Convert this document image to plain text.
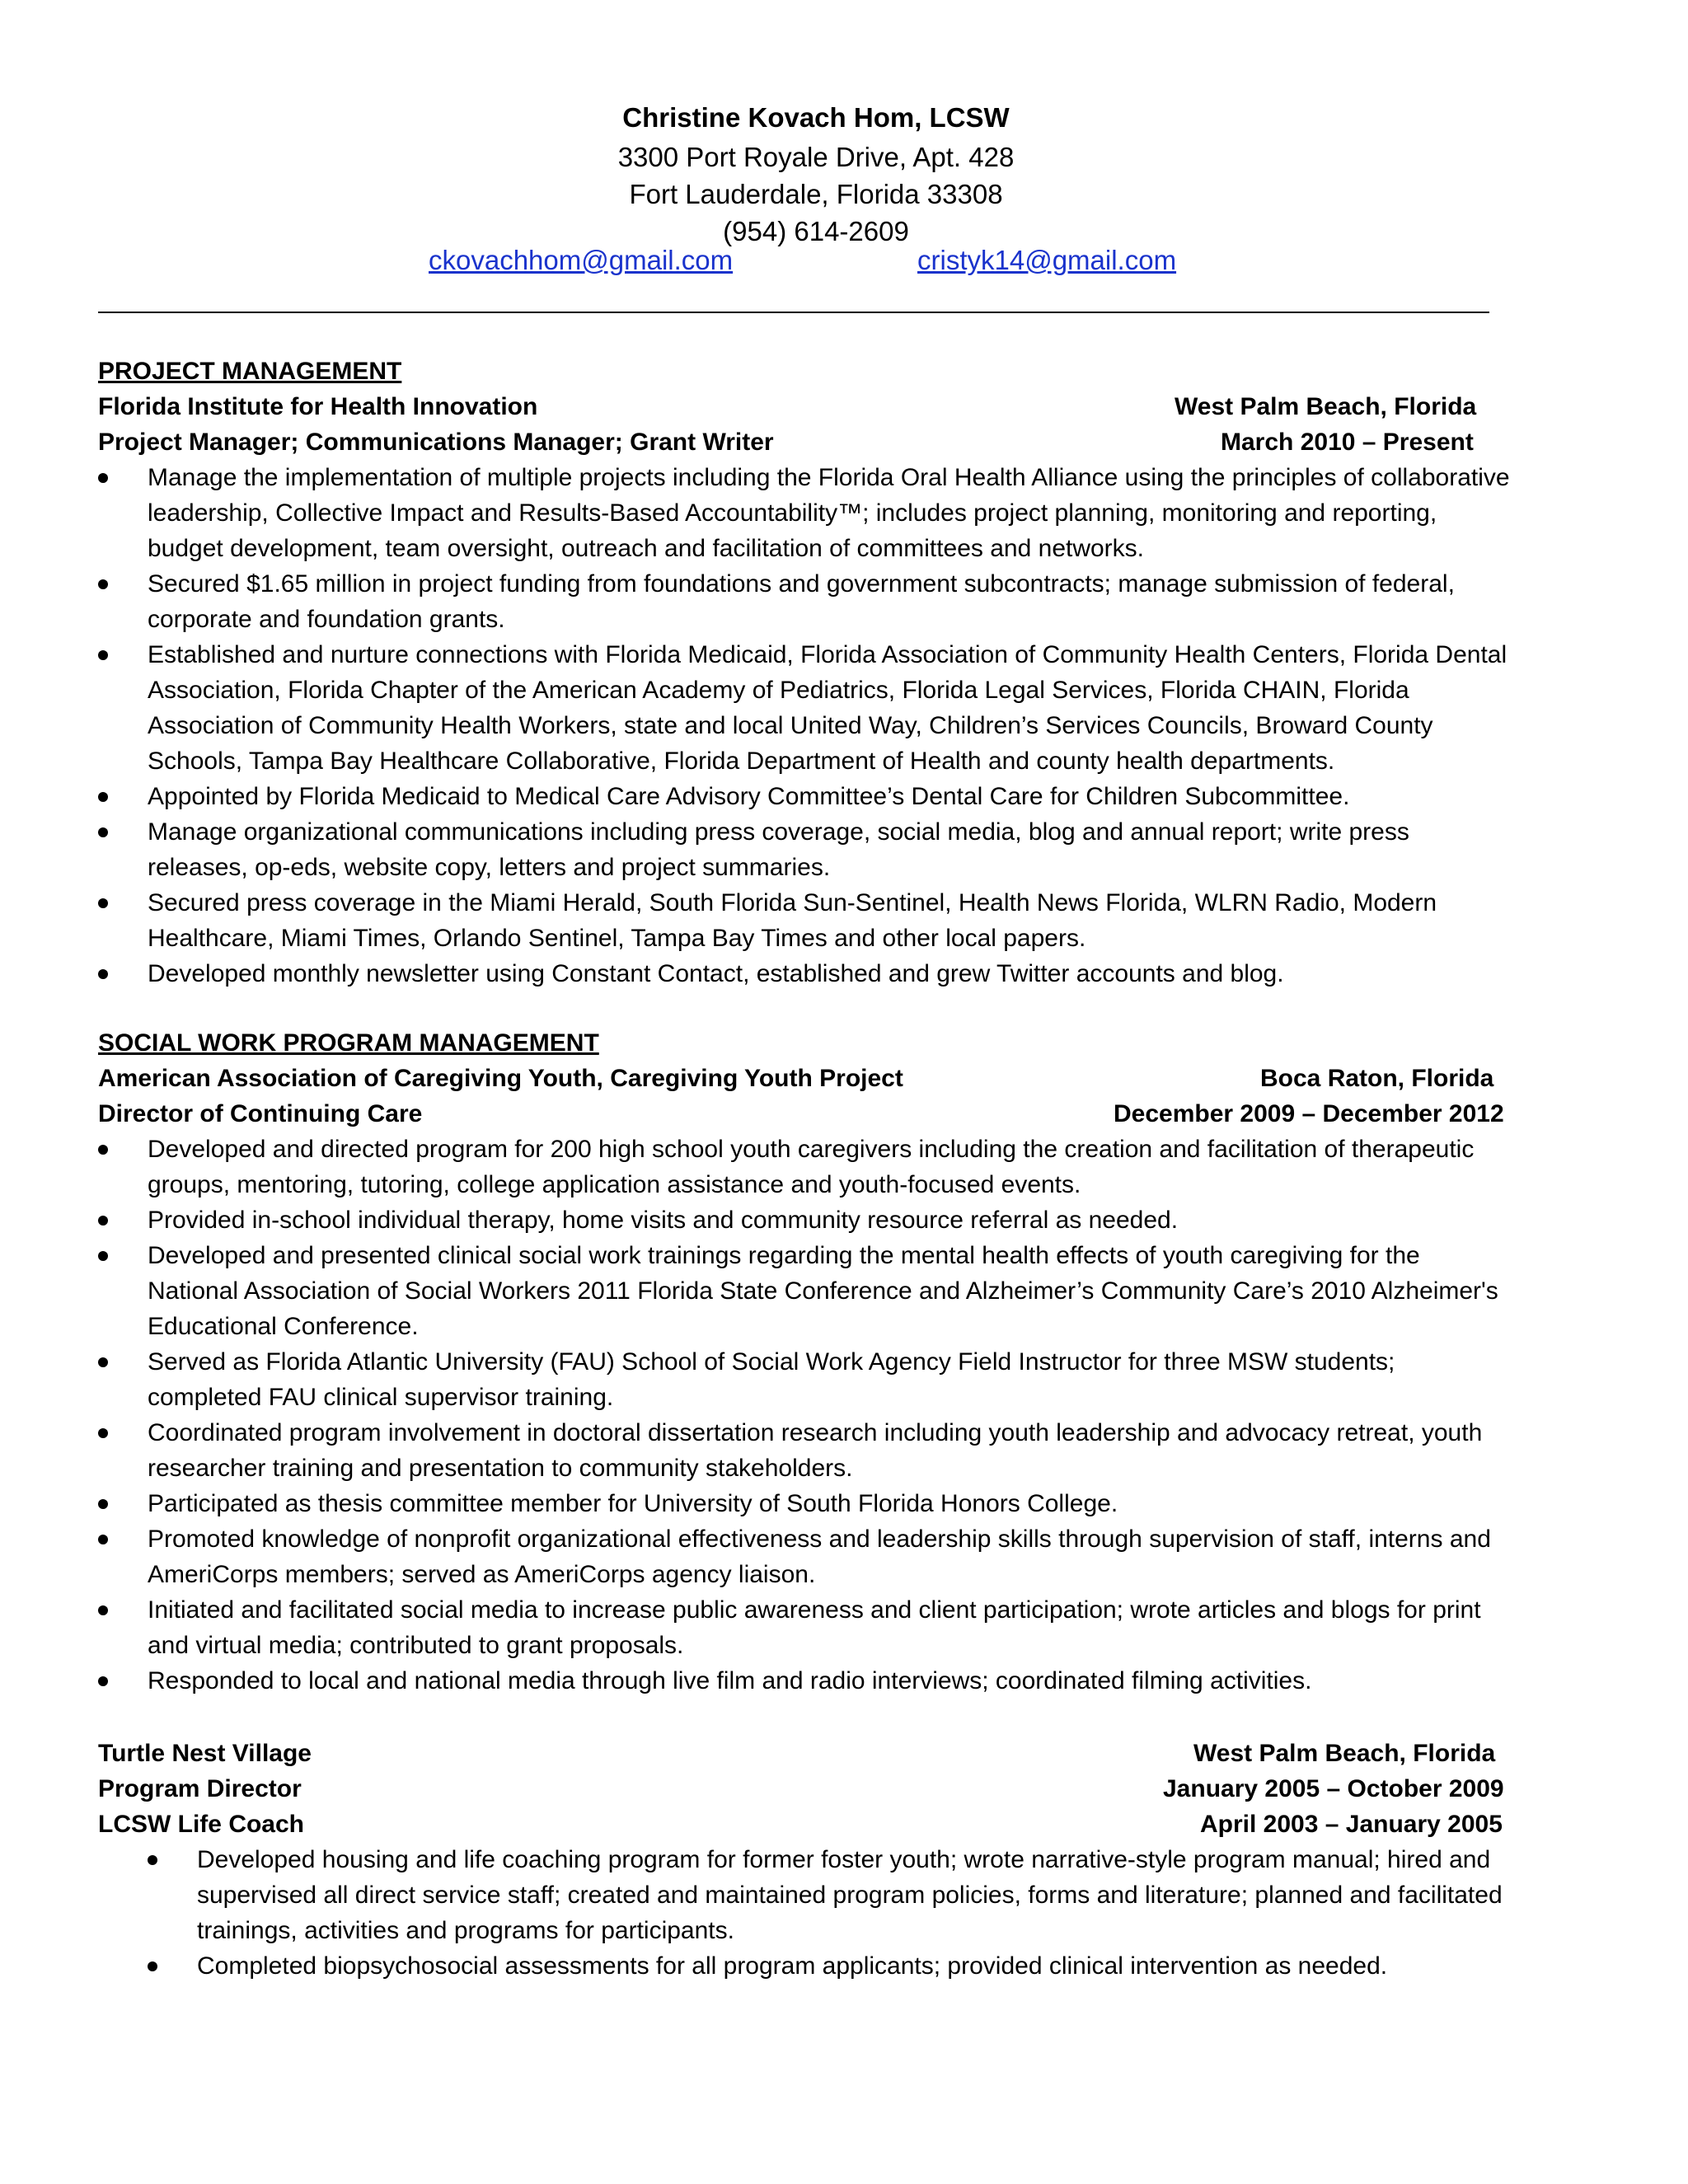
Christine Kovach Hom, LCSW
3300 Port Royale Drive, Apt. 428
Fort Lauderdale, Florida 33308
(954) 614-2609
ckovachhom@gmail.com	cristyk14@gmail.com
PROJECT MANAGEMENT
Florida Institute for Health Innovation	West Palm Beach, Florida
Project Manager; Communications Manager; Grant Writer	March 2010 – Present
Manage the implementation of multiple projects including the Florida Oral Health Alliance using the principles of collaborative leadership, Collective Impact and Results-Based Accountability™; includes project planning, monitoring and reporting, budget development, team oversight, outreach and facilitation of committees and networks.
Secured $1.65 million in project funding from foundations and government subcontracts; manage submission of federal, corporate and foundation grants.
Established and nurture connections with Florida Medicaid, Florida Association of Community Health Centers, Florida Dental Association, Florida Chapter of the American Academy of Pediatrics, Florida Legal Services, Florida CHAIN, Florida Association of Community Health Workers, state and local United Way, Children’s Services Councils, Broward County Schools, Tampa Bay Healthcare Collaborative, Florida Department of Health and county health departments.
Appointed by Florida Medicaid to Medical Care Advisory Committee’s Dental Care for Children Subcommittee.
Manage organizational communications including press coverage, social media, blog and annual report; write press releases, op-eds, website copy, letters and project summaries.
Secured press coverage in the Miami Herald, South Florida Sun-Sentinel, Health News Florida, WLRN Radio, Modern Healthcare, Miami Times, Orlando Sentinel, Tampa Bay Times and other local papers.
Developed monthly newsletter using Constant Contact, established and grew Twitter accounts and blog.
SOCIAL WORK PROGRAM MANAGEMENT
American Association of Caregiving Youth, Caregiving Youth Project	Boca Raton, Florida
Director of Continuing Care	December 2009 – December 2012
Developed and directed program for 200 high school youth caregivers including the creation and facilitation of therapeutic groups, mentoring, tutoring, college application assistance and youth-focused events.
Provided in-school individual therapy, home visits and community resource referral as needed.
Developed and presented clinical social work trainings regarding the mental health effects of youth caregiving for the National Association of Social Workers 2011 Florida State Conference and Alzheimer’s Community Care’s 2010 Alzheimer's Educational Conference.
Served as Florida Atlantic University (FAU) School of Social Work Agency Field Instructor for three MSW students; completed FAU clinical supervisor training.
Coordinated program involvement in doctoral dissertation research including youth leadership and advocacy retreat, youth researcher training and presentation to community stakeholders.
Participated as thesis committee member for University of South Florida Honors College.
Promoted knowledge of nonprofit organizational effectiveness and leadership skills through supervision of staff, interns and AmeriCorps members; served as AmeriCorps agency liaison.
Initiated and facilitated social media to increase public awareness and client participation; wrote articles and blogs for print and virtual media; contributed to grant proposals.
Responded to local and national media through live film and radio interviews; coordinated filming activities.
Turtle Nest Village	West Palm Beach, Florida
Program Director	January 2005 – October 2009
LCSW Life Coach	April 2003 – January 2005
Developed housing and life coaching program for former foster youth; wrote narrative-style program manual; hired and supervised all direct service staff; created and maintained program policies, forms and literature; planned and facilitated trainings, activities and programs for participants.
Completed biopsychosocial assessments for all program applicants; provided clinical intervention as needed.
